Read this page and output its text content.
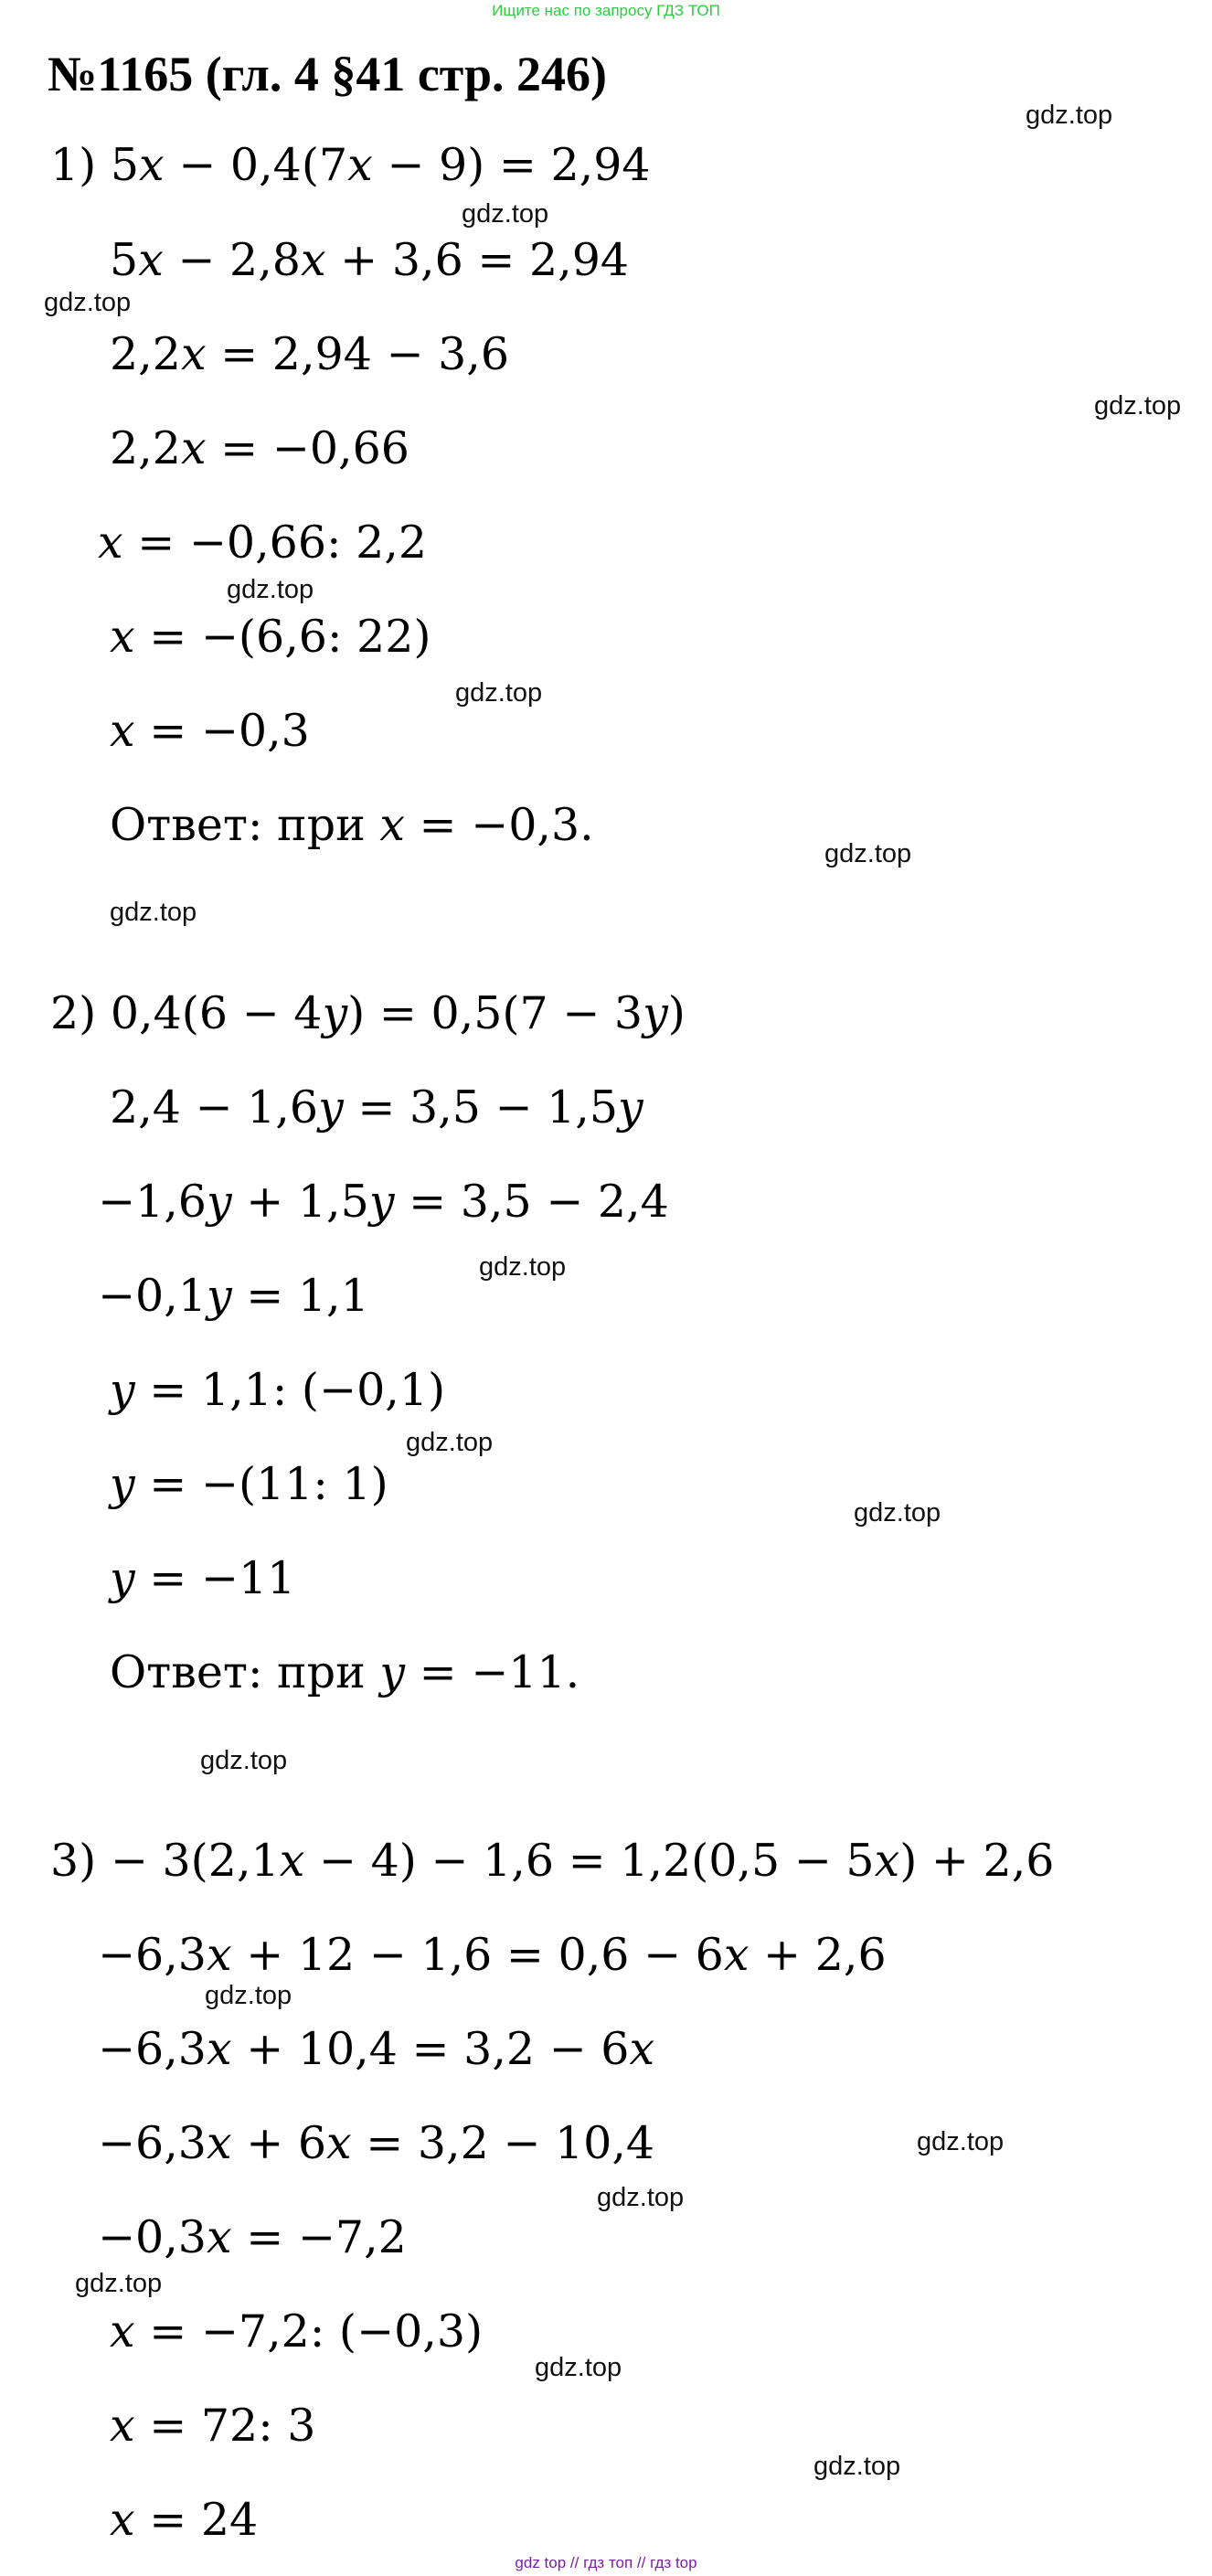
Ищите нас по запросу ГДЗ ТОП
№1165 (гл. 4 §41 стр. 246)
1) 5x − 0,4(7x − 9) = 2,94
5x − 2,8x + 3,6 = 2,94
2,2x = 2,94 − 3,6
2,2x = −0,66
x = −0,66: 2,2
x = −(6,6: 22)
x = −0,3
Ответ: при x = −0,3.
2) 0,4(6 − 4y) = 0,5(7 − 3y)
2,4 − 1,6y = 3,5 − 1,5y
−1,6y + 1,5y = 3,5 − 2,4
−0,1y = 1,1
y = 1,1: (−0,1)
y = −(11: 1)
y = −11
Ответ: при y = −11.
3) − 3(2,1x − 4) − 1,6 = 1,2(0,5 − 5x) + 2,6
−6,3x + 12 − 1,6 = 0,6 − 6x + 2,6
−6,3x + 10,4 = 3,2 − 6x
−6,3x + 6x = 3,2 − 10,4
−0,3x = −7,2
x = −7,2: (−0,3)
x = 72: 3
x = 24
gdz.top
gdz.top
gdz.top
gdz.top
gdz.top
gdz.top
gdz.top
gdz.top
gdz.top
gdz.top
gdz.top
gdz.top
gdz.top
gdz.top
gdz.top
gdz.top
gdz.top
gdz.top
gdz top // гдз топ // гдз top
